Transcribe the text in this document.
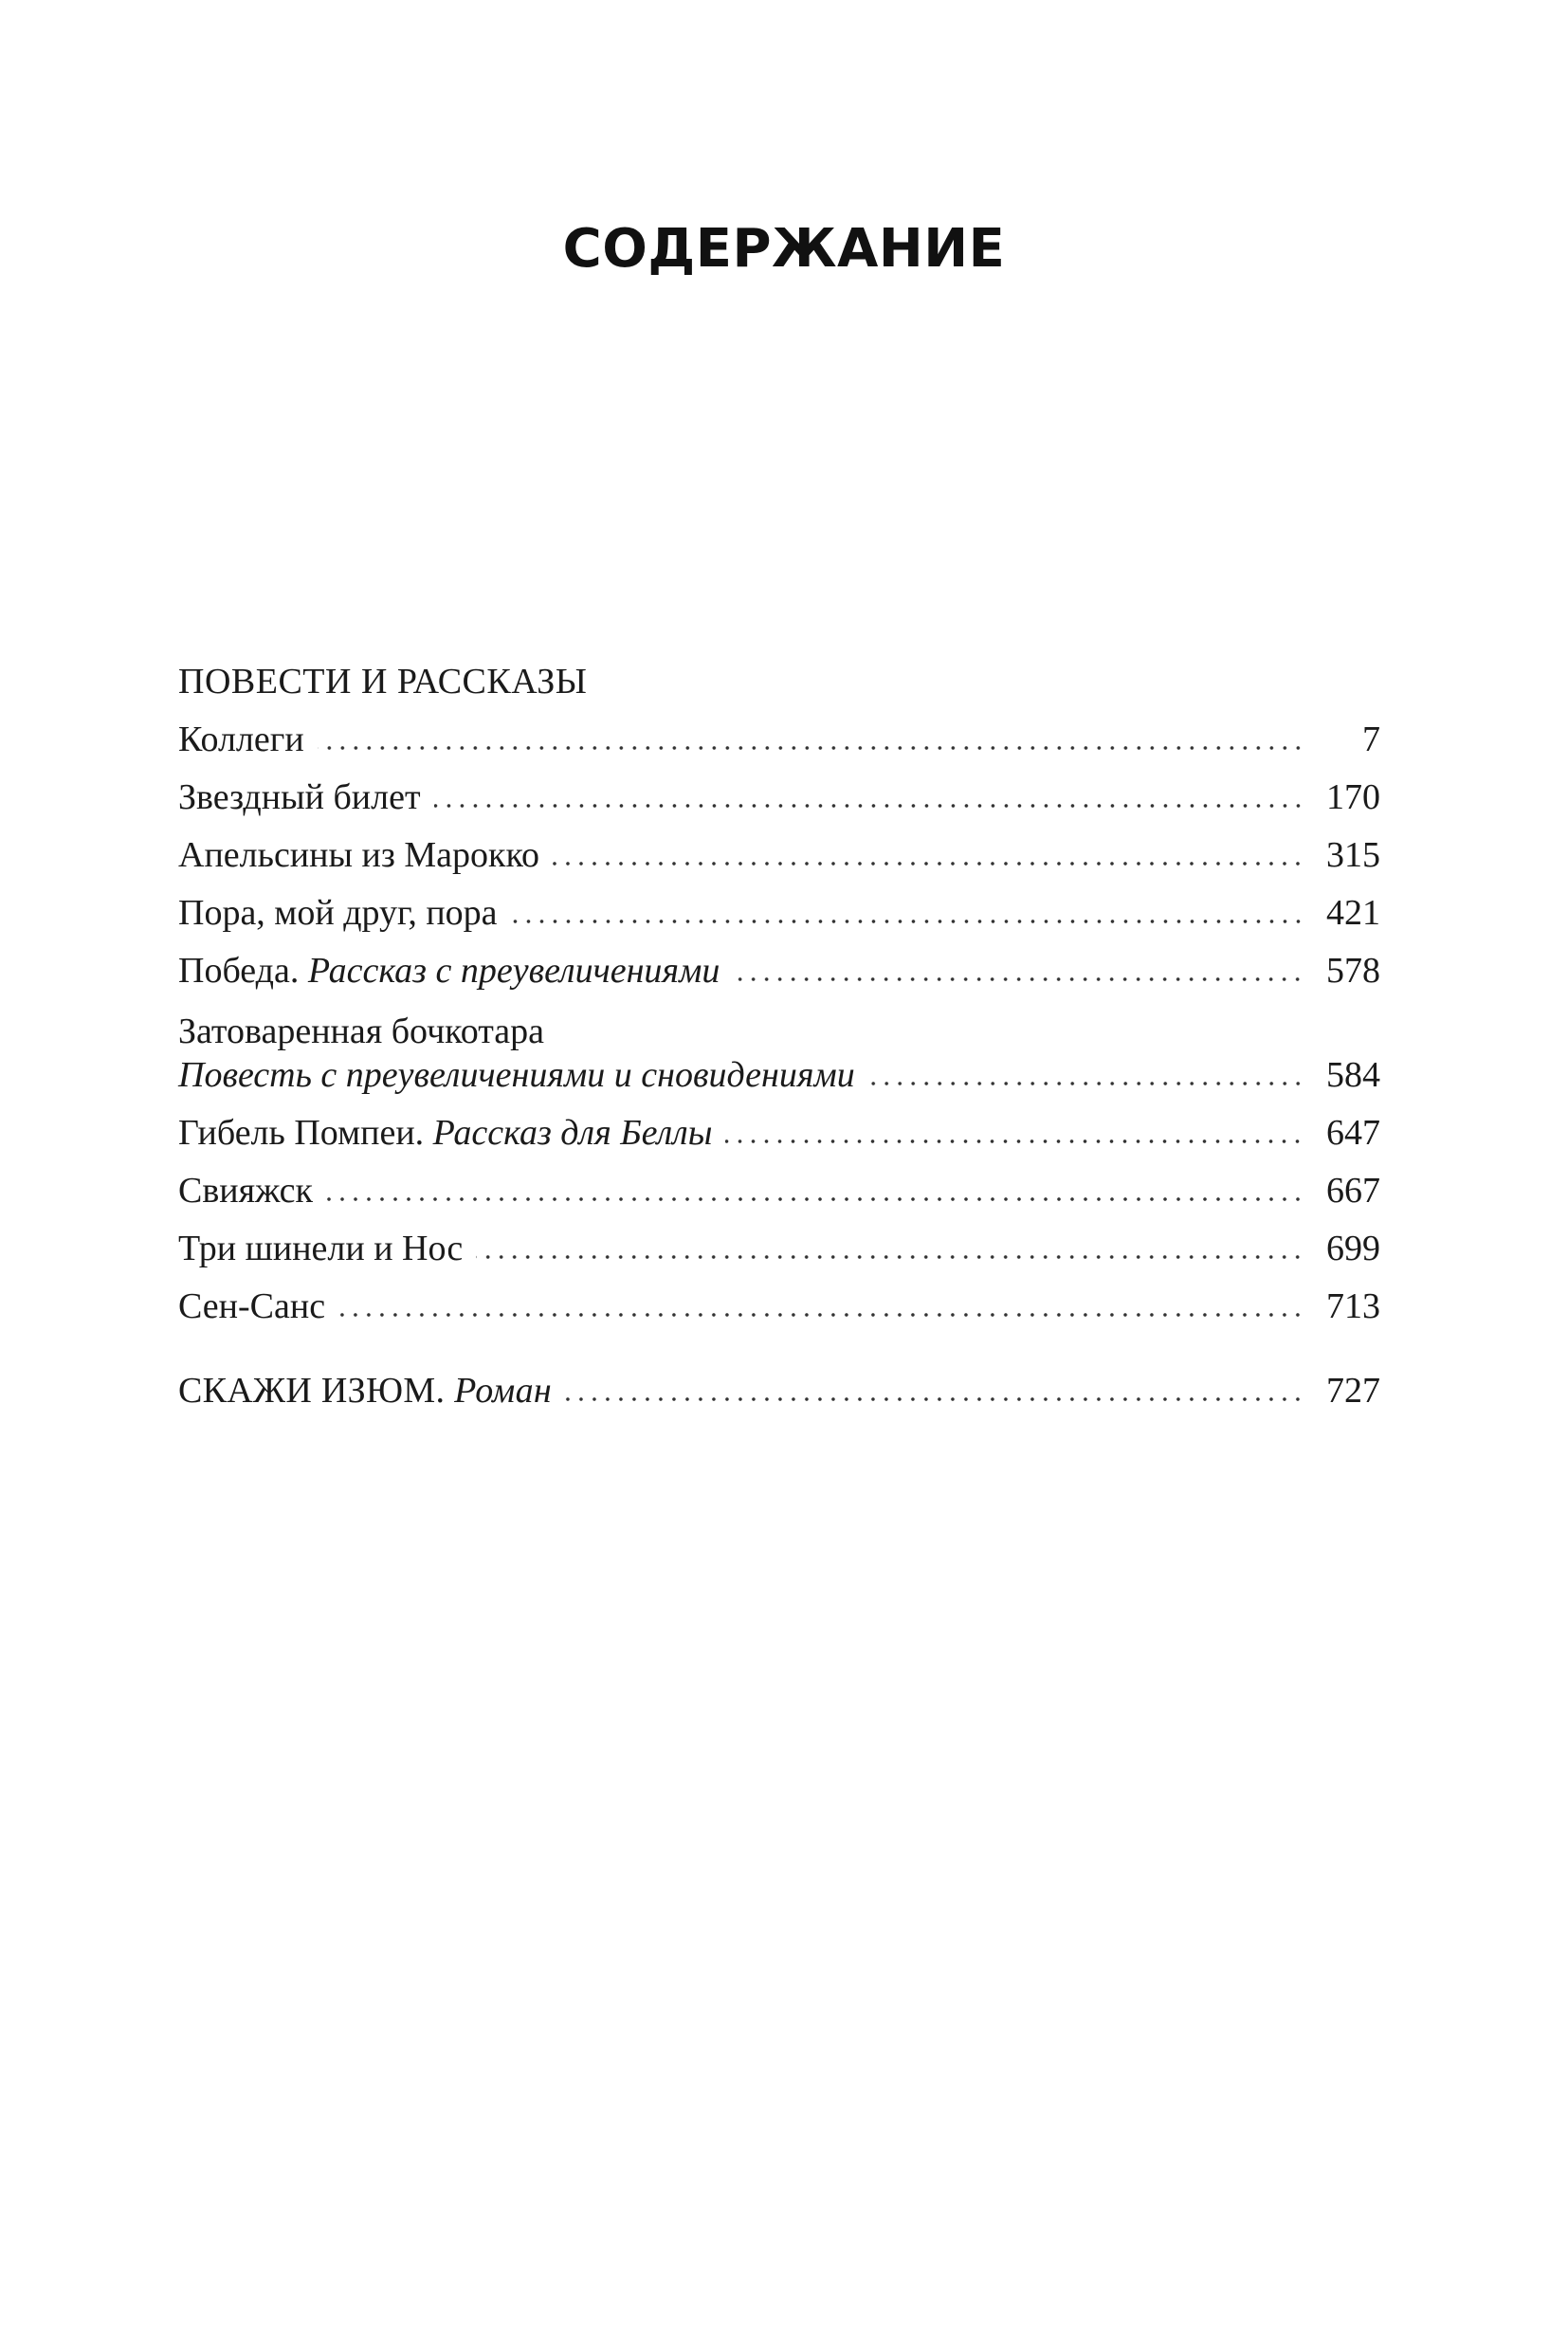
СОДЕРЖАНИЕ
ПОВЕСТИ И РАССКАЗЫ
Коллеги	7
Звездный билет	170
Апельсины из Марокко	315
Пора, мой друг, пора	421
Победа. Рассказ с преувеличениями	578
Затоваренная бочкотара
Повесть с преувеличениями и сновидениями	584
Гибель Помпеи. Рассказ для Беллы	647
Свияжск	667
Три шинели и Нос	699
Сен-Санс	713
СКАЖИ ИЗЮМ. Роман	727
